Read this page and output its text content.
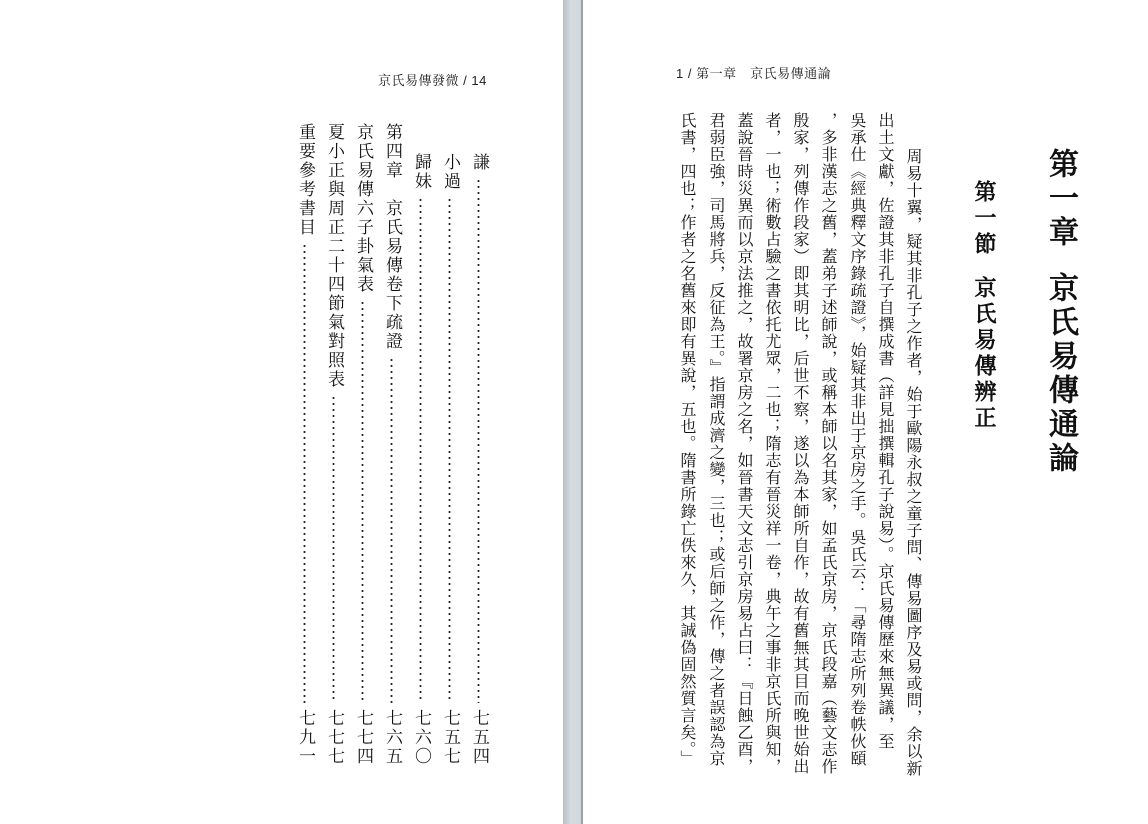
京氏易傳發微 / 14
謙
七五四
小過
七五七
歸妹
七六〇
第四章　京氏易傳卷下疏證
七六五
京氏易傳六子卦氣表
七七四
夏小正與周正二十四節氣對照表
七七七
重要參考書目
七九一
1 / 第一章　京氏易傳通論
第一章京氏易傳通論
第一節京氏易傳辨正
周易十翼，疑其非孔子之作者，始于歐陽永叔之童子問、傳易圖序及易或問，余以新
出土文獻，佐證其非孔子自撰成書（詳見拙撰輯孔子說易）。京氏易傳歷來無異議，至
吳承仕《經典釋文序錄疏證》，始疑其非出于京房之手。吳氏云：「尋隋志所列卷帙伙頤
，多非漢志之舊，蓋弟子述師說，或稱本師以名其家，如孟氏京房，京氏段嘉（藝文志作
殷家，列傳作段家）即其明比，后世不察，遂以為本師所自作，故有舊無其目而晚世始出
者，一也；術數占驗之書依托尤眾，二也；隋志有晉災祥一卷，典午之事非京氏所與知，
蓋說晉時災異而以京法推之，故署京房之名，如晉書天文志引京房易占曰：『日蝕乙酉，
君弱臣強，司馬將兵，反征為王。』指謂成濟之變，三也；或后師之作，傳之者誤認為京
氏書，四也；作者之名舊來即有異說，五也。隋書所錄亡佚來久，其誠偽固然質言矣。」
